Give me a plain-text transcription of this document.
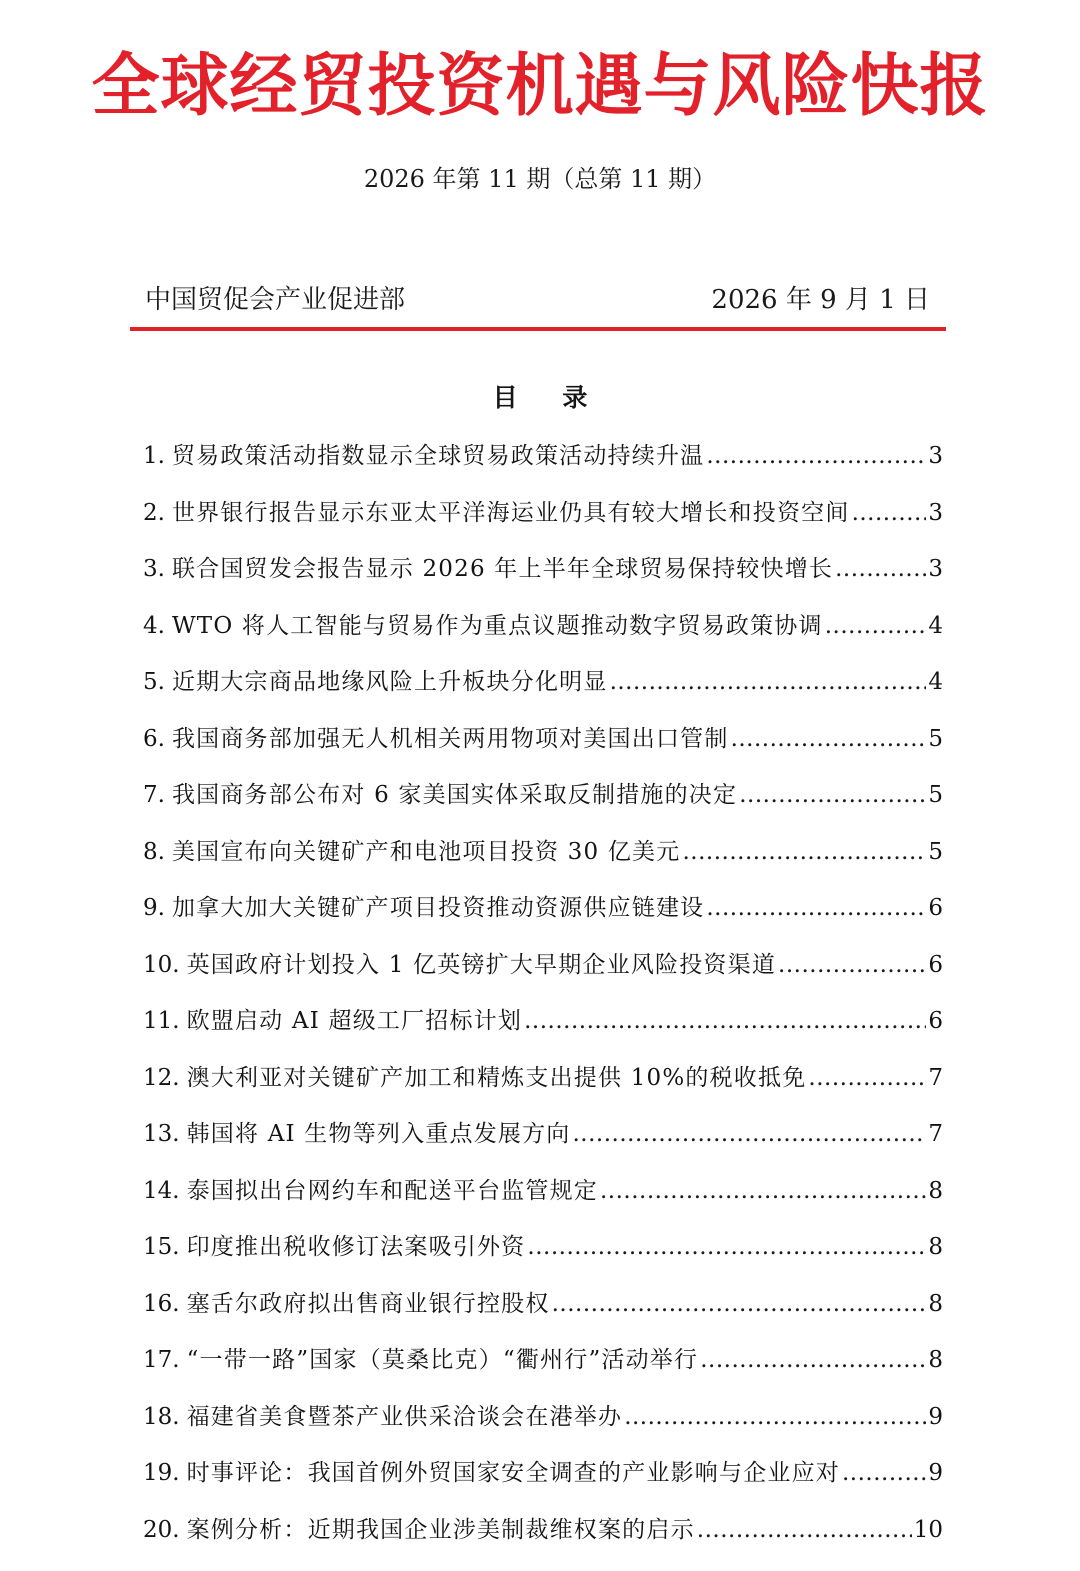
全球经贸投资机遇与风险快报
2026 年第 11 期（总第 11 期）
中国贸促会产业促进部	2026 年 9 月 1 日
目 录
1. 贸易政策活动指数显示全球贸易政策活动持续升温 .....	3
2. 世界银行报告显示东亚太平洋海运业仍具有较大增长和投资空间 .....	3
3. 联合国贸发会报告显示 2026 年上半年全球贸易保持较快增长 .....	3
4. WTO 将人工智能与贸易作为重点议题推动数字贸易政策协调 .....	4
5. 近期大宗商品地缘风险上升板块分化明显 .....	4
6. 我国商务部加强无人机相关两用物项对美国出口管制 .....	5
7. 我国商务部公布对 6 家美国实体采取反制措施的决定 .....	5
8. 美国宣布向关键矿产和电池项目投资 30 亿美元 .....	5
9. 加拿大加大关键矿产项目投资推动资源供应链建设 .....	6
10. 英国政府计划投入 1 亿英镑扩大早期企业风险投资渠道 .....	6
11. 欧盟启动 AI 超级工厂招标计划 .....	6
12. 澳大利亚对关键矿产加工和精炼支出提供 10%的税收抵免 .....	7
13. 韩国将 AI 生物等列入重点发展方向 .....	7
14. 泰国拟出台网约车和配送平台监管规定 .....	8
15. 印度推出税收修订法案吸引外资 .....	8
16. 塞舌尔政府拟出售商业银行控股权 .....	8
17. “一带一路”国家（莫桑比克）“衢州行”活动举行 .....	8
18. 福建省美食暨茶产业供采洽谈会在港举办 .....	9
19. 时事评论：我国首例外贸国家安全调查的产业影响与企业应对 .....	9
20. 案例分析：近期我国企业涉美制裁维权案的启示 .....	10
